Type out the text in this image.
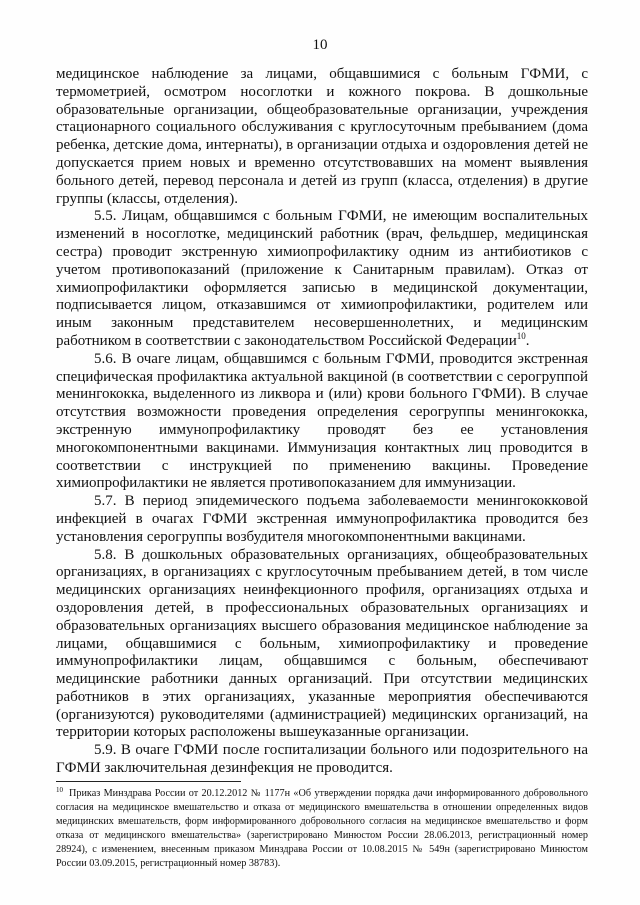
10

медицинское наблюдение за лицами, общавшимися с больным ГФМИ, с термометрией, осмотром носоглотки и кожного покрова. В дошкольные образовательные организации, общеобразовательные организации, учреждения стационарного социального обслуживания с круглосуточным пребыванием (дома ребенка, детские дома, интернаты), в организации отдыха и оздоровления детей не допускается прием новых и временно отсутствовавших на момент выявления больного детей, перевод персонала и детей из групп (класса, отделения) в другие группы (классы, отделения).

5.5. Лицам, общавшимся с больным ГФМИ, не имеющим воспалительных изменений в носоглотке, медицинский работник (врач, фельдшер, медицинская сестра) проводит экстренную химиопрофилактику одним из антибиотиков с учетом противопоказаний (приложение к Санитарным правилам). Отказ от химиопрофилактики оформляется записью в медицинской документации, подписывается лицом, отказавшимся от химиопрофилактики, родителем или иным законным представителем несовершеннолетних, и медицинским работником в соответствии с законодательством Российской Федерации$^{10}$.

5.6. В очаге лицам, общавшимся с больным ГФМИ, проводится экстренная специфическая профилактика актуальной вакциной (в соответствии с серогруппой менингококка, выделенного из ликвора и (или) крови больного ГФМИ). В случае отсутствия возможности проведения определения серогруппы менингококка, экстренную иммунопрофилактику проводят без ее установления многокомпонентными вакцинами. Иммунизация контактных лиц проводится в соответствии с инструкцией по применению вакцины. Проведение химиопрофилактики не является противопоказанием для иммунизации.

5.7. В период эпидемического подъема заболеваемости менингококковой инфекцией в очагах ГФМИ экстренная иммунопрофилактика проводится без установления серогруппы возбудителя многокомпонентными вакцинами.

5.8. В дошкольных образовательных организациях, общеобразовательных организациях, в организациях с круглосуточным пребыванием детей, в том числе медицинских организациях неинфекционного профиля, организациях отдыха и оздоровления детей, в профессиональных образовательных организациях и образовательных организациях высшего образования медицинское наблюдение за лицами, общавшимися с больным, химиопрофилактику и проведение иммунопрофилактики лицам, общавшимся с больным, обеспечивают медицинские работники данных организаций. При отсутствии медицинских работников в этих организациях, указанные мероприятия обеспечиваются (организуются) руководителями (администрацией) медицинских организаций, на территории которых расположены вышеуказанные организации.

5.9. В очаге ГФМИ после госпитализации больного или подозрительного на ГФМИ заключительная дезинфекция не проводится.

$^{10}$ Приказ Минздрава России от 20.12.2012 № 1177н «Об утверждении порядка дачи информированного добровольного согласия на медицинское вмешательство и отказа от медицинского вмешательства в отношении определенных видов медицинских вмешательств, форм информированного добровольного согласия на медицинское вмешательство и форм отказа от медицинского вмешательства» (зарегистрировано Минюстом России 28.06.2013, регистрационный номер 28924), с изменением, внесенным приказом Минздрава России от 10.08.2015 № 549н (зарегистрировано Минюстом России 03.09.2015, регистрационный номер 38783).
